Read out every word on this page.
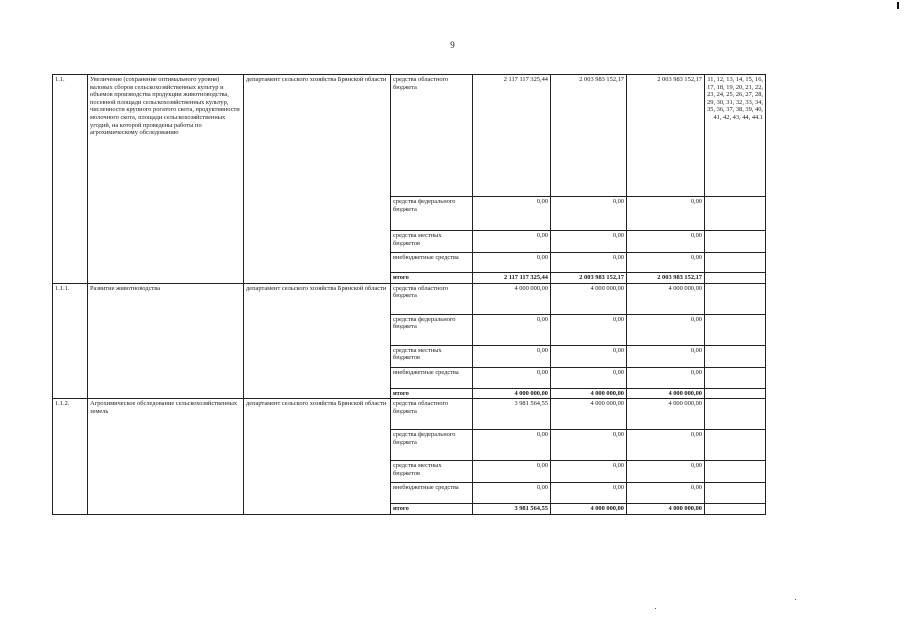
9
1.1.	Увеличение (сохранение оптимального уровня) валовых сборов сельскохозяйственных культур и объемов производства продукции животноводства, посевной площади сельскохозяйственных культур, численности крупного рогатого скота, продуктивности молочного скота, площади сельскохозяйственных угодий, на которой проведены работы по агрохимическому обследованию	департамент сельского хозяйства Брянской области	средства областного бюджета	2 117 117 325,44	2 003 983 152,17	2 003 983 152,17	11, 12, 13, 14, 15, 16, 17, 18, 19, 20, 21, 22, 23, 24, 25, 26, 27, 28, 29, 30, 31, 32, 33, 34, 35, 36, 37, 38, 39, 40, 41, 42, 43, 44, 44.1
			средства федерального бюджета	0,00	0,00	0,00	
			средства местных бюджетов	0,00	0,00	0,00	
			внебюджетные средства	0,00	0,00	0,00	
			итого	2 117 117 325,44	2 003 983 152,17	2 003 983 152,17	
1.1.1.	Развитие животноводства	департамент сельского хозяйства Брянской области	средства областного бюджета	4 000 000,00	4 000 000,00	4 000 000,00	
			средства федерального бюджета	0,00	0,00	0,00	
			средства местных бюджетов	0,00	0,00	0,00	
			внебюджетные средства	0,00	0,00	0,00	
			итого	4 000 000,00	4 000 000,00	4 000 000,00	
1.1.2.	Агрохимическое обследование сельскохозяйственных земель	департамент сельского хозяйства Брянской области	средства областного бюджета	3 981 564,55	4 000 000,00	4 000 000,00	
			средства федерального бюджета	0,00	0,00	0,00	
			средства местных бюджетов	0,00	0,00	0,00	
			внебюджетные средства	0,00	0,00	0,00	
			итого	3 981 564,55	4 000 000,00	4 000 000,00	
